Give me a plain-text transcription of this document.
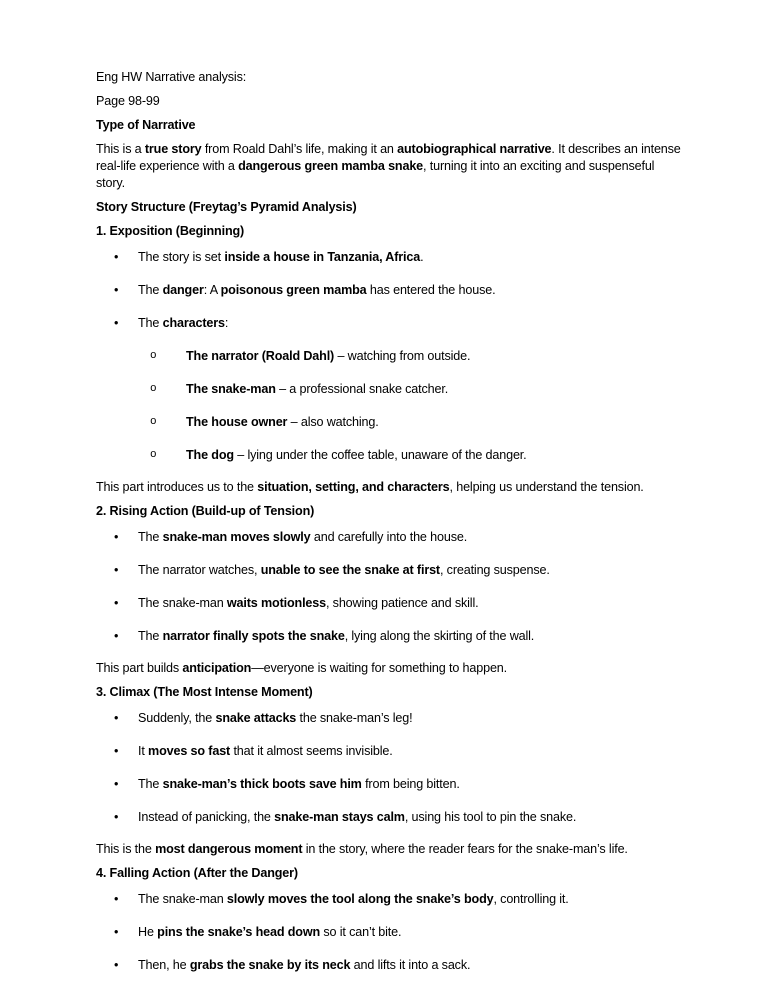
Eng HW Narrative analysis:
Page 98-99
Type of Narrative
This is a true story from Roald Dahl’s life, making it an autobiographical narrative. It describes an intense real-life experience with a dangerous green mamba snake, turning it into an exciting and suspenseful story.
Story Structure (Freytag’s Pyramid Analysis)
1. Exposition (Beginning)
• The story is set inside a house in Tanzania, Africa.
• The danger: A poisonous green mamba has entered the house.
• The characters:
o The narrator (Roald Dahl) – watching from outside.
o The snake-man – a professional snake catcher.
o The house owner – also watching.
o The dog – lying under the coffee table, unaware of the danger.
This part introduces us to the situation, setting, and characters, helping us understand the tension.
2. Rising Action (Build-up of Tension)
• The snake-man moves slowly and carefully into the house.
• The narrator watches, unable to see the snake at first, creating suspense.
• The snake-man waits motionless, showing patience and skill.
• The narrator finally spots the snake, lying along the skirting of the wall.
This part builds anticipation—everyone is waiting for something to happen.
3. Climax (The Most Intense Moment)
• Suddenly, the snake attacks the snake-man’s leg!
• It moves so fast that it almost seems invisible.
• The snake-man’s thick boots save him from being bitten.
• Instead of panicking, the snake-man stays calm, using his tool to pin the snake.
This is the most dangerous moment in the story, where the reader fears for the snake-man’s life.
4. Falling Action (After the Danger)
• The snake-man slowly moves the tool along the snake’s body, controlling it.
• He pins the snake’s head down so it can’t bite.
• Then, he grabs the snake by its neck and lifts it into a sack.
